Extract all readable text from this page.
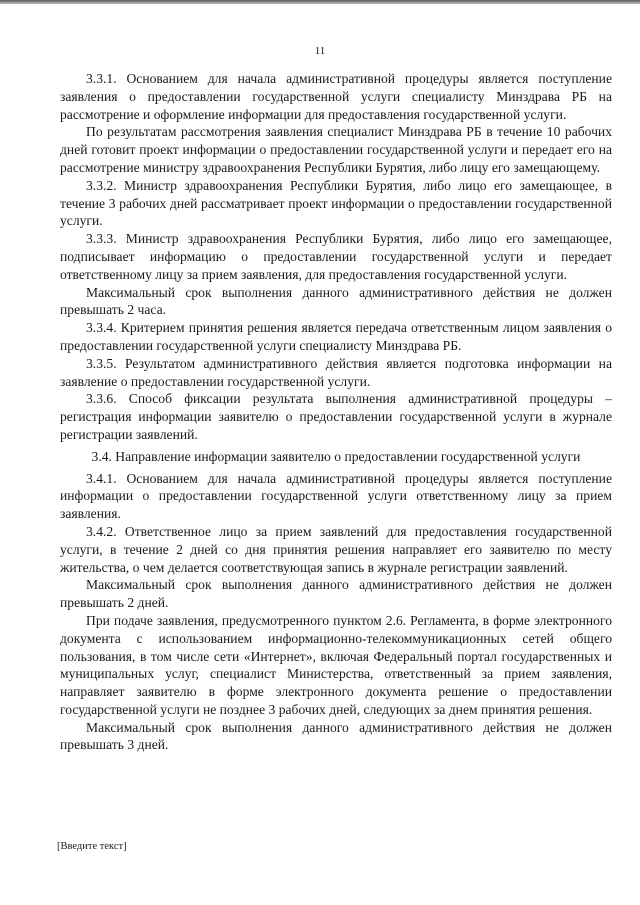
11

3.3.1. Основанием для начала административной процедуры является поступление заявления о предоставлении государственной услуги специалисту Минздрава РБ на рассмотрение и оформление информации для предоставления государственной услуги.

По результатам рассмотрения заявления специалист Минздрава РБ в течение 10 рабочих дней готовит проект информации о предоставлении государственной услуги и передает его на рассмотрение министру здравоохранения Республики Бурятия, либо лицу его замещающему.

3.3.2. Министр здравоохранения Республики Бурятия, либо лицо его замещающее, в течение 3 рабочих дней рассматривает проект информации о предоставлении государственной услуги.

3.3.3. Министр здравоохранения Республики Бурятия, либо лицо его замещающее, подписывает информацию о предоставлении государственной услуги и передает ответственному лицу за прием заявления, для предоставления государственной услуги.

Максимальный срок выполнения данного административного действия не должен превышать 2 часа.

3.3.4. Критерием принятия решения является передача ответственным лицом заявления о предоставлении государственной услуги специалисту Минздрава РБ.

3.3.5. Результатом административного действия является подготовка информации на заявление о предоставлении государственной услуги.

3.3.6. Способ фиксации результата выполнения административной процедуры – регистрация информации заявителю о предоставлении государственной услуги в журнале регистрации заявлений.

3.4. Направление информации заявителю о предоставлении государственной услуги

3.4.1. Основанием для начала административной процедуры является поступление информации о предоставлении государственной услуги ответственному лицу за прием заявления.

3.4.2. Ответственное лицо за прием заявлений для предоставления государственной услуги, в течение 2 дней со дня принятия решения направляет его заявителю по месту жительства, о чем делается соответствующая запись в журнале регистрации заявлений.

Максимальный срок выполнения данного административного действия не должен превышать 2 дней.

При подаче заявления, предусмотренного пунктом 2.6. Регламента, в форме электронного документа с использованием информационно-телекоммуникационных сетей общего пользования, в том числе сети «Интернет», включая Федеральный портал государственных и муниципальных услуг, специалист Министерства, ответственный за прием заявления, направляет заявителю в форме электронного документа решение о предоставлении государственной услуги не позднее 3 рабочих дней, следующих за днем принятия решения.

Максимальный срок выполнения данного административного действия не должен превышать 3 дней.

[Введите текст]
